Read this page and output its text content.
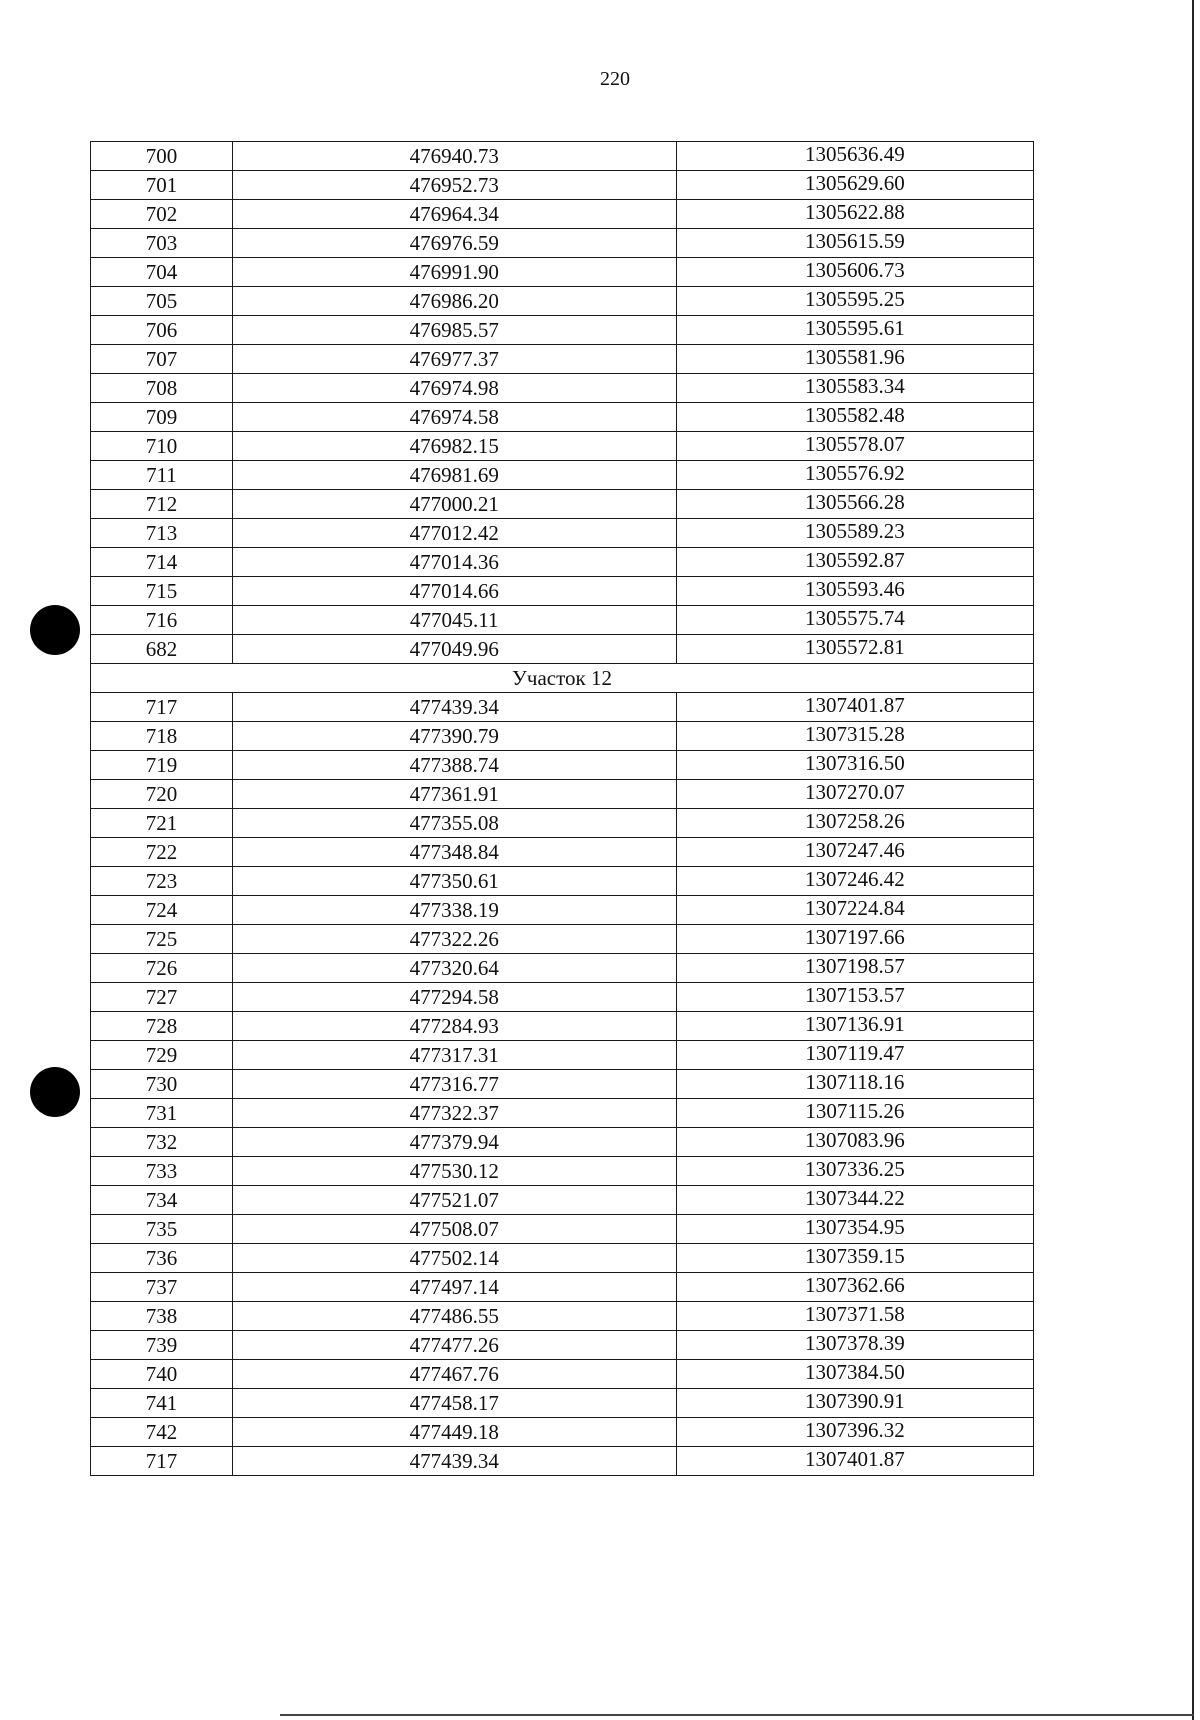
220
700	476940.73	1305636.49
701	476952.73	1305629.60
702	476964.34	1305622.88
703	476976.59	1305615.59
704	476991.90	1305606.73
705	476986.20	1305595.25
706	476985.57	1305595.61
707	476977.37	1305581.96
708	476974.98	1305583.34
709	476974.58	1305582.48
710	476982.15	1305578.07
711	476981.69	1305576.92
712	477000.21	1305566.28
713	477012.42	1305589.23
714	477014.36	1305592.87
715	477014.66	1305593.46
716	477045.11	1305575.74
682	477049.96	1305572.81
Участок 12		
717	477439.34	1307401.87
718	477390.79	1307315.28
719	477388.74	1307316.50
720	477361.91	1307270.07
721	477355.08	1307258.26
722	477348.84	1307247.46
723	477350.61	1307246.42
724	477338.19	1307224.84
725	477322.26	1307197.66
726	477320.64	1307198.57
727	477294.58	1307153.57
728	477284.93	1307136.91
729	477317.31	1307119.47
730	477316.77	1307118.16
731	477322.37	1307115.26
732	477379.94	1307083.96
733	477530.12	1307336.25
734	477521.07	1307344.22
735	477508.07	1307354.95
736	477502.14	1307359.15
737	477497.14	1307362.66
738	477486.55	1307371.58
739	477477.26	1307378.39
740	477467.76	1307384.50
741	477458.17	1307390.91
742	477449.18	1307396.32
717	477439.34	1307401.87
